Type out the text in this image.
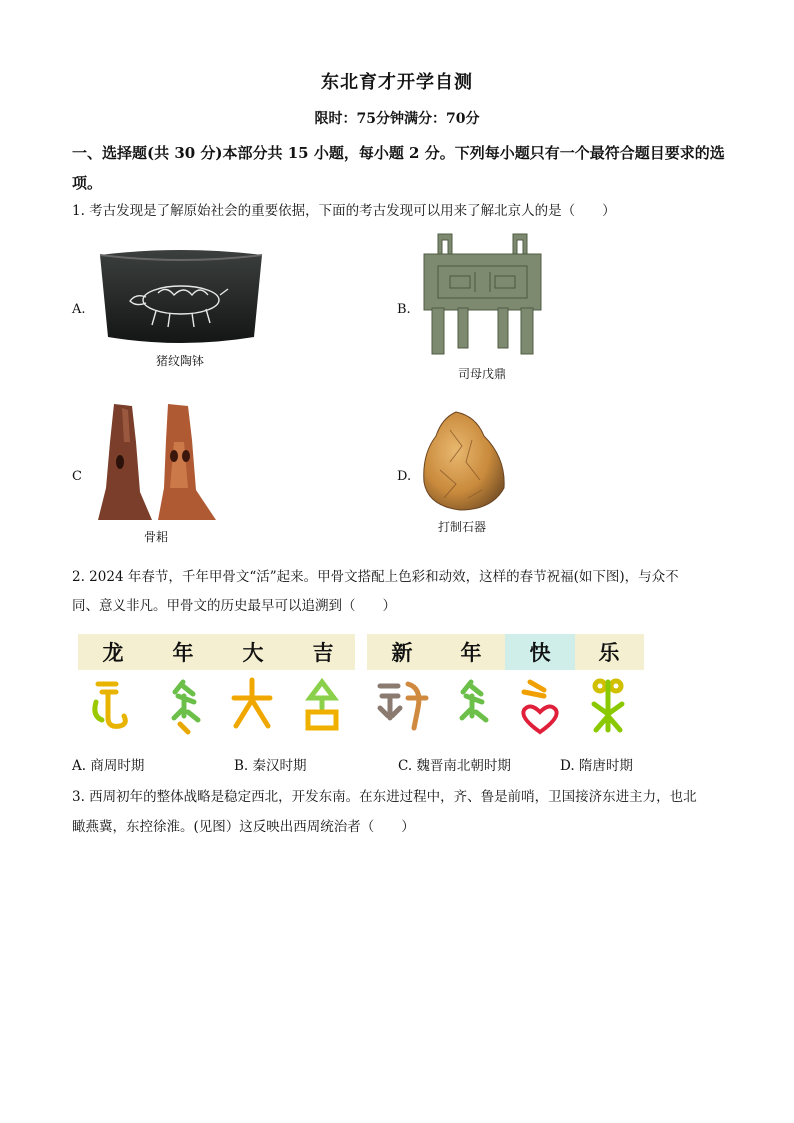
东北育才开学自测
限时：75分钟满分：70分
一、选择题(共 30 分)本部分共 15 小题，每小题 2 分。下列每小题只有一个最符合题目要求的选项。
1. 考古发现是了解原始社会的重要依据，下面的考古发现可以用来了解北京人的是（　　）
A.
猪纹陶钵
B.
司母戊鼎
C
骨耜
D.
打制石器
2. 2024 年春节，千年甲骨文“活”起来。甲骨文搭配上色彩和动效，这样的春节祝福(如下图)，与众不
同、意义非凡。甲骨文的历史最早可以追溯到（　　）
龙	年	大	吉	新	年	快	乐
A. 商周时期	B. 秦汉时期	C. 魏晋南北朝时期	D. 隋唐时期
3. 西周初年的整体战略是稳定西北，开发东南。在东进过程中，齐、鲁是前哨，卫国接济东进主力，也北
瞰燕冀，东控徐淮。(见图）这反映出西周统治者（　　）
